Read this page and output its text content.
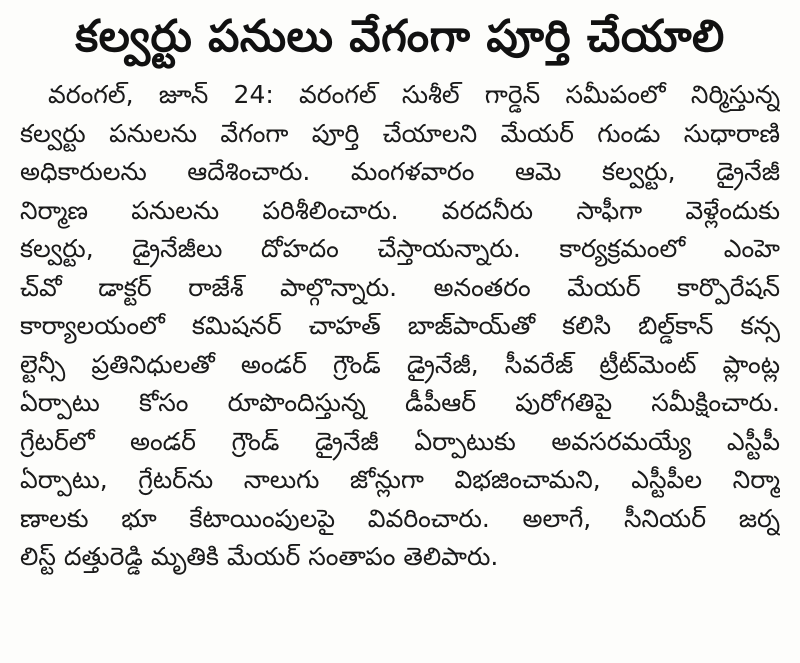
కల్వర్టు పనులు వేగంగా పూర్తి చేయాలి
వరంగల్, జూన్ 24: వరంగల్ సుశీల్ గార్డెన్ సమీపంలో నిర్మిస్తున్న
కల్వర్టు పనులను వేగంగా పూర్తి చేయాలని మేయర్ గుండు సుధారాణి
అధికారులను ఆదేశించారు. మంగళవారం ఆమె కల్వర్టు, డ్రైనేజీ
నిర్మాణ పనులను పరిశీలించారు. వరదనీరు సాఫీగా వెళ్లేందుకు
కల్వర్టు, డ్రైనేజీలు దోహదం చేస్తాయన్నారు. కార్యక్రమంలో ఎంహె
చ్‌వో డాక్టర్ రాజేశ్ పాల్గొన్నారు. అనంతరం మేయర్ కార్పొరేషన్
కార్యాలయంలో కమిషనర్ చాహత్ బాజ్‌పాయ్‌తో కలిసి బిల్డ్‌కాన్ కన్స
ల్టెన్సీ ప్రతినిధులతో అండర్ గ్రౌండ్ డ్రైనేజీ, సీవరేజ్ ట్రీట్‌మెంట్ ప్లాంట్ల
ఏర్పాటు కోసం రూపొందిస్తున్న డీపీఆర్ పురోగతిపై సమీక్షించారు.
గ్రేటర్‌లో అండర్ గ్రౌండ్ డ్రైనేజీ ఏర్పాటుకు అవసరమయ్యే ఎస్టీపీ
ఏర్పాటు, గ్రేటర్‌ను నాలుగు జోన్లుగా విభజించామని, ఎస్టీపీల నిర్మా
ణాలకు భూ కేటాయింపులపై వివరించారు. అలాగే, సీనియర్ జర్న
లిస్ట్ దత్తురెడ్డి మృతికి మేయర్ సంతాపం తెలిపారు.
